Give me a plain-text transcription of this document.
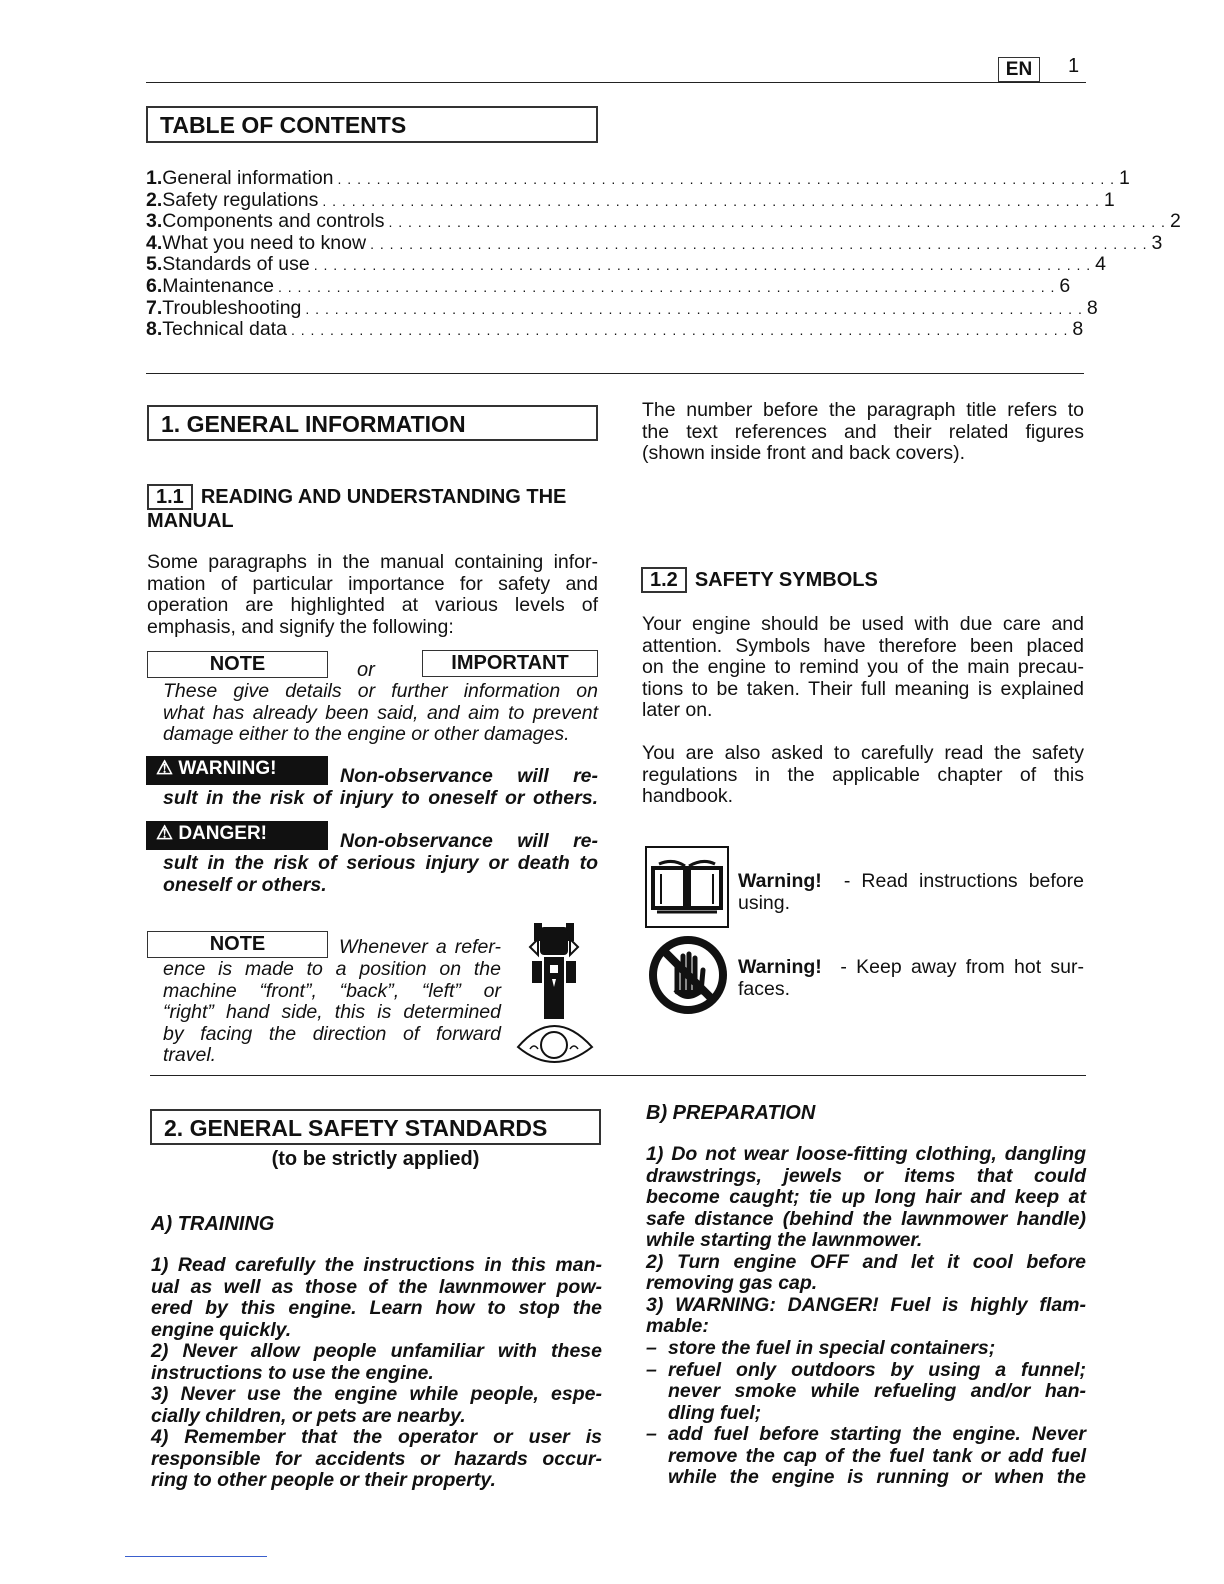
EN	1
TABLE OF CONTENTS
1. General information . . . . . . . . . . . . . . . . . . . . . . . . . . . . . . . . . . . . . . . . . . . . . . . . . . . . . . . . . . . . . . . . . . . . . . . . . . . . . . . . 1
2. Safety regulations . . . . . . . . . . . . . . . . . . . . . . . . . . . . . . . . . . . . . . . . . . . . . . . . . . . . . . . . . . . . . . . . . . . . . . . . . . . . . . . . 1
3. Components and controls . . . . . . . . . . . . . . . . . . . . . . . . . . . . . . . . . . . . . . . . . . . . . . . . . . . . . . . . . . . . . . . . . . . . . . . . . . . . . . . . 2
4. What you need to know . . . . . . . . . . . . . . . . . . . . . . . . . . . . . . . . . . . . . . . . . . . . . . . . . . . . . . . . . . . . . . . . . . . . . . . . . . . . . . . . 3
5. Standards of use . . . . . . . . . . . . . . . . . . . . . . . . . . . . . . . . . . . . . . . . . . . . . . . . . . . . . . . . . . . . . . . . . . . . . . . . . . . . . . . . 4
6. Maintenance . . . . . . . . . . . . . . . . . . . . . . . . . . . . . . . . . . . . . . . . . . . . . . . . . . . . . . . . . . . . . . . . . . . . . . . . . . . . . . . . 6
7. Troubleshooting . . . . . . . . . . . . . . . . . . . . . . . . . . . . . . . . . . . . . . . . . . . . . . . . . . . . . . . . . . . . . . . . . . . . . . . . . . . . . . . . 8
8. Technical data . . . . . . . . . . . . . . . . . . . . . . . . . . . . . . . . . . . . . . . . . . . . . . . . . . . . . . . . . . . . . . . . . . . . . . . . . . . . . . . . 8
1. GENERAL INFORMATION
The number before the paragraph title refers to
the text references and their related figures
(shown inside front and back covers).
1.1 READING AND UNDERSTANDING THE
MANUAL
Some paragraphs in the manual containing infor-
mation of particular importance for safety and
operation are highlighted at various levels of
emphasis, and signify the following:
NOTE	or	IMPORTANT
These give details or further information on
what has already been said, and aim to prevent
damage either to the engine or other damages.
⚠ WARNING!	Non-observance will re-
sult in the risk of injury to oneself or others.
⚠ DANGER!	Non-observance will re-
sult in the risk of serious injury or death to
oneself or others.
NOTE	Whenever a refer-
ence is made to a position on the
machine “front”, “back”, “left” or
“right” hand side, this is determined
by facing the direction of forward
travel.
1.2 SAFETY SYMBOLS
Your engine should be used with due care and
attention. Symbols have therefore been placed
on the engine to remind you of the main precau-
tions to be taken. Their full meaning is explained
later on.
You are also asked to carefully read the safety
regulations in the applicable chapter of this
handbook.
Warning! - Read instructions before
using.
Warning! - Keep away from hot sur-
faces.
2. GENERAL SAFETY STANDARDS
(to be strictly applied)
A) TRAINING
1) Read carefully the instructions in this man-
ual as well as those of the lawnmower pow-
ered by this engine. Learn how to stop the
engine quickly.
2) Never allow people unfamiliar with these
instructions to use the engine.
3) Never use the engine while people, espe-
cially children, or pets are nearby.
4) Remember that the operator or user is
responsible for accidents or hazards occur-
ring to other people or their property.
B) PREPARATION
1) Do not wear loose-fitting clothing, dangling
drawstrings, jewels or items that could
become caught; tie up long hair and keep at
safe distance (behind the lawnmower handle)
while starting the lawnmower.
2) Turn engine OFF and let it cool before
removing gas cap.
3) WARNING: DANGER! Fuel is highly flam-
mable:
– store the fuel in special containers;
– refuel only outdoors by using a funnel;
never smoke while refueling and/or han-
dling fuel;
– add fuel before starting the engine. Never
remove the cap of the fuel tank or add fuel
while the engine is running or when the
